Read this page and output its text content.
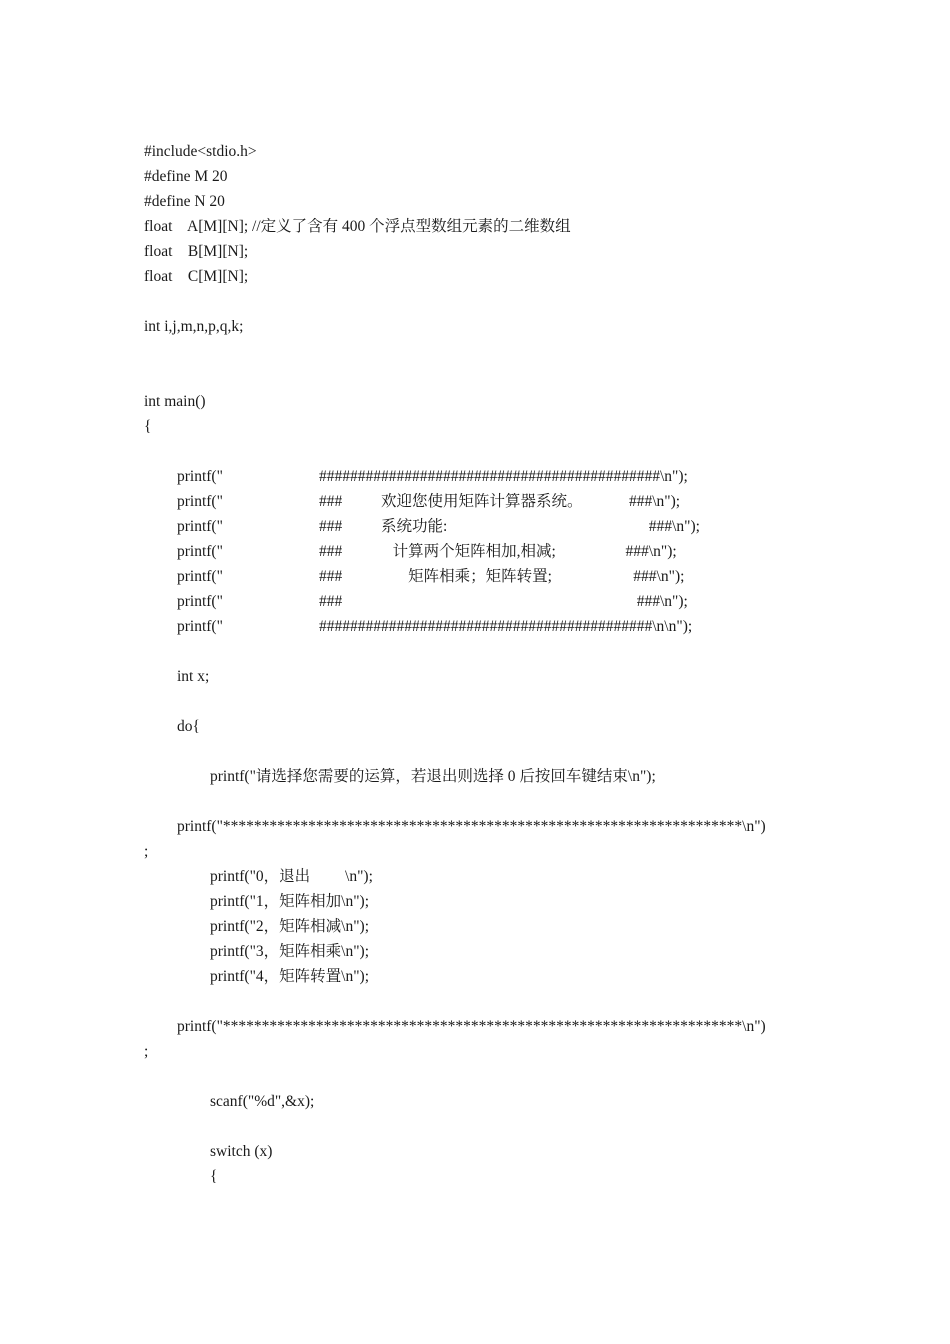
#include<stdio.h>

#define M 20

#define N 20

float    A[M][N]; //定义了含有 400 个浮点型数组元素的二维数组

float    B[M][N];

float    C[M][N];

int i,j,m,n,p,q,k;

int main()

{

printf("	############################################\n");

printf("	###          欢迎您使用矩阵计算器系统。            ###\n");

printf("	###          系统功能:                                                    ###\n");

printf("	###             计算两个矩阵相加,相减;                  ###\n");

printf("	###                 矩阵相乘；矩阵转置;                     ###\n");

printf("	###                                                                            ###\n");

printf("	###########################################\n\n");

int x;

do{

printf("请选择您需要的运算，若退出则选择 0 后按回车键结束\n");

printf("*******************************************************************\n")

;

printf("0，退出         \n");

printf("1，矩阵相加\n");

printf("2，矩阵相减\n");

printf("3，矩阵相乘\n");

printf("4，矩阵转置\n");

printf("*******************************************************************\n")

;

scanf("%d",&x);

switch (x)

{
